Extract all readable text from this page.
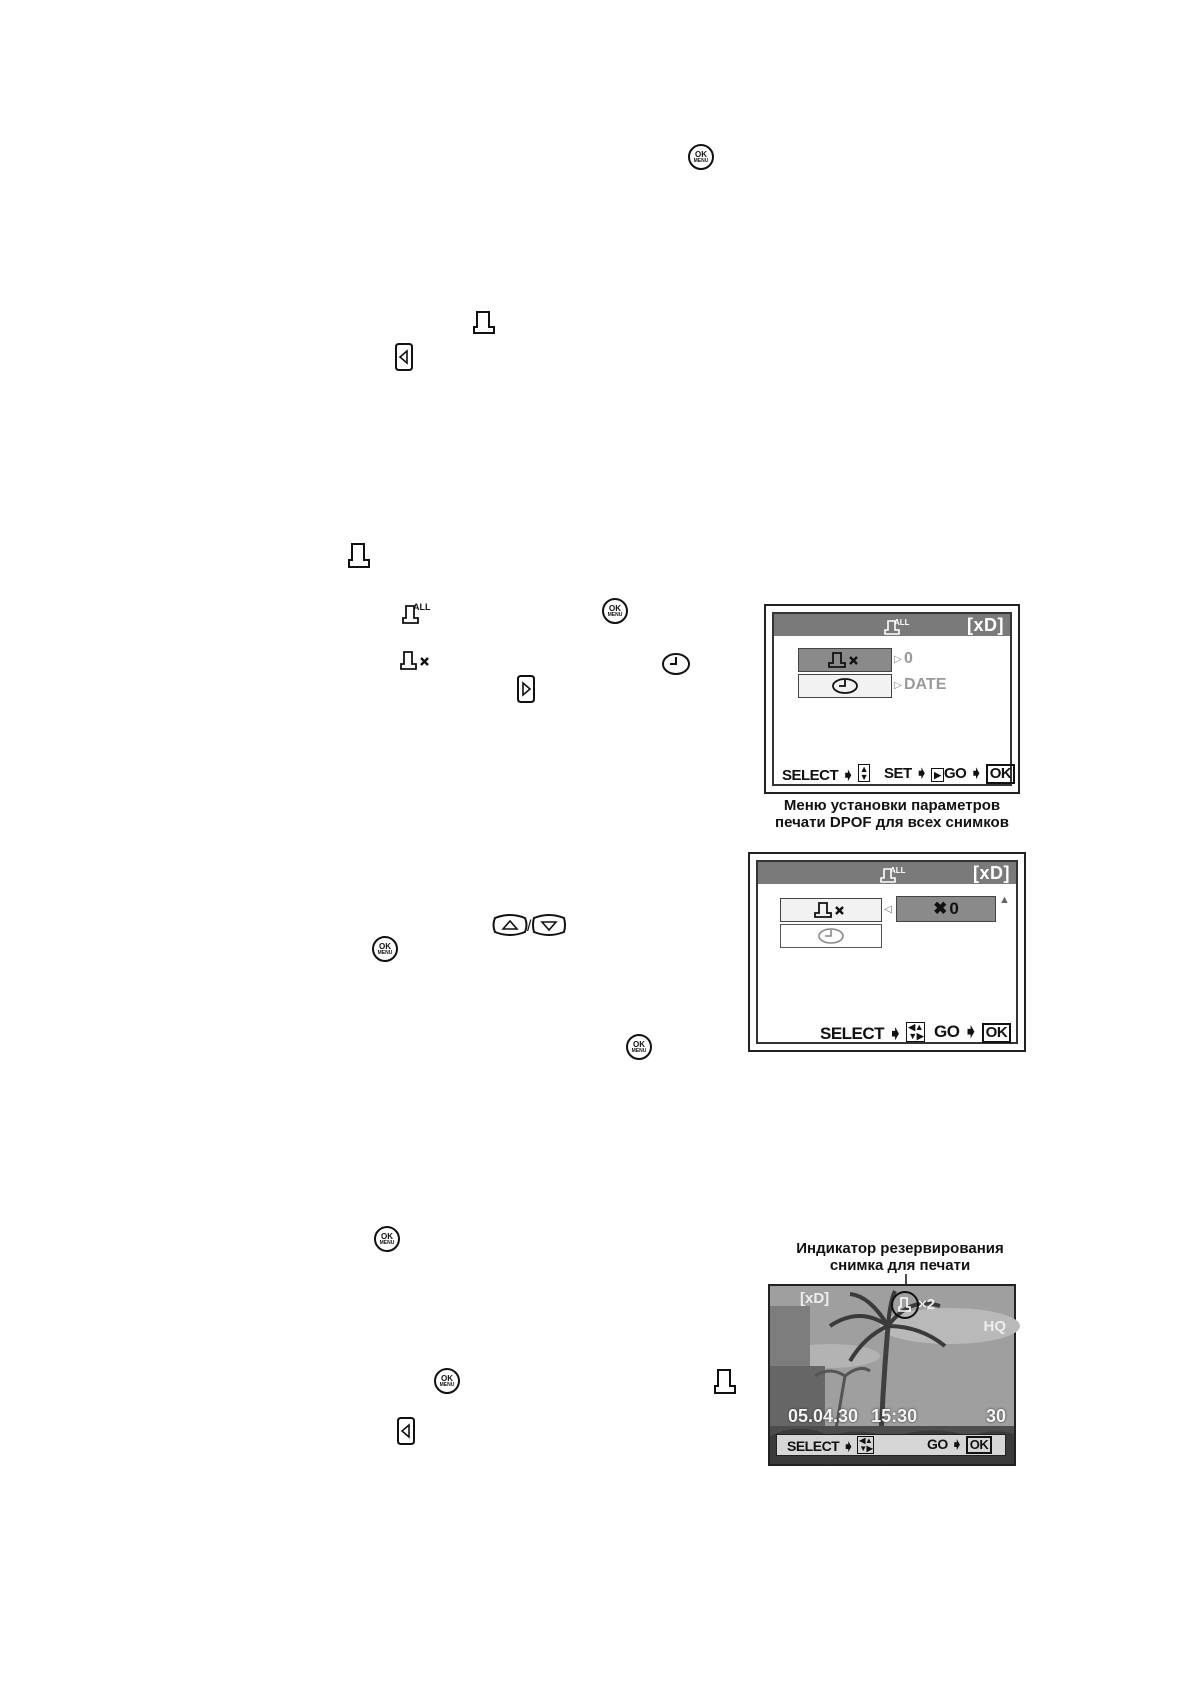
OK
MENU
ALL	OK
MENU
/
OK
MENU
OK
MENU
OK
MENU
OK
MENU
ALL	[xD]
▷ 0
▷ DATE
SELECT ➧ ▲
▼ SET ➧ ▶ GO ➧ OK
Меню установки параметров
печати DPOF для всех снимков
ALL	[xD]
◁ ✖ 0	▲
SELECT ➧ ◀▲
▼▶ GO ➧ OK
Индикатор резервирования
снимка для печати
[xD]	×2
HQ
05.04.30 15:30	30
SELECT ➧ ◀▲
▼▶	GO ➧ OK
